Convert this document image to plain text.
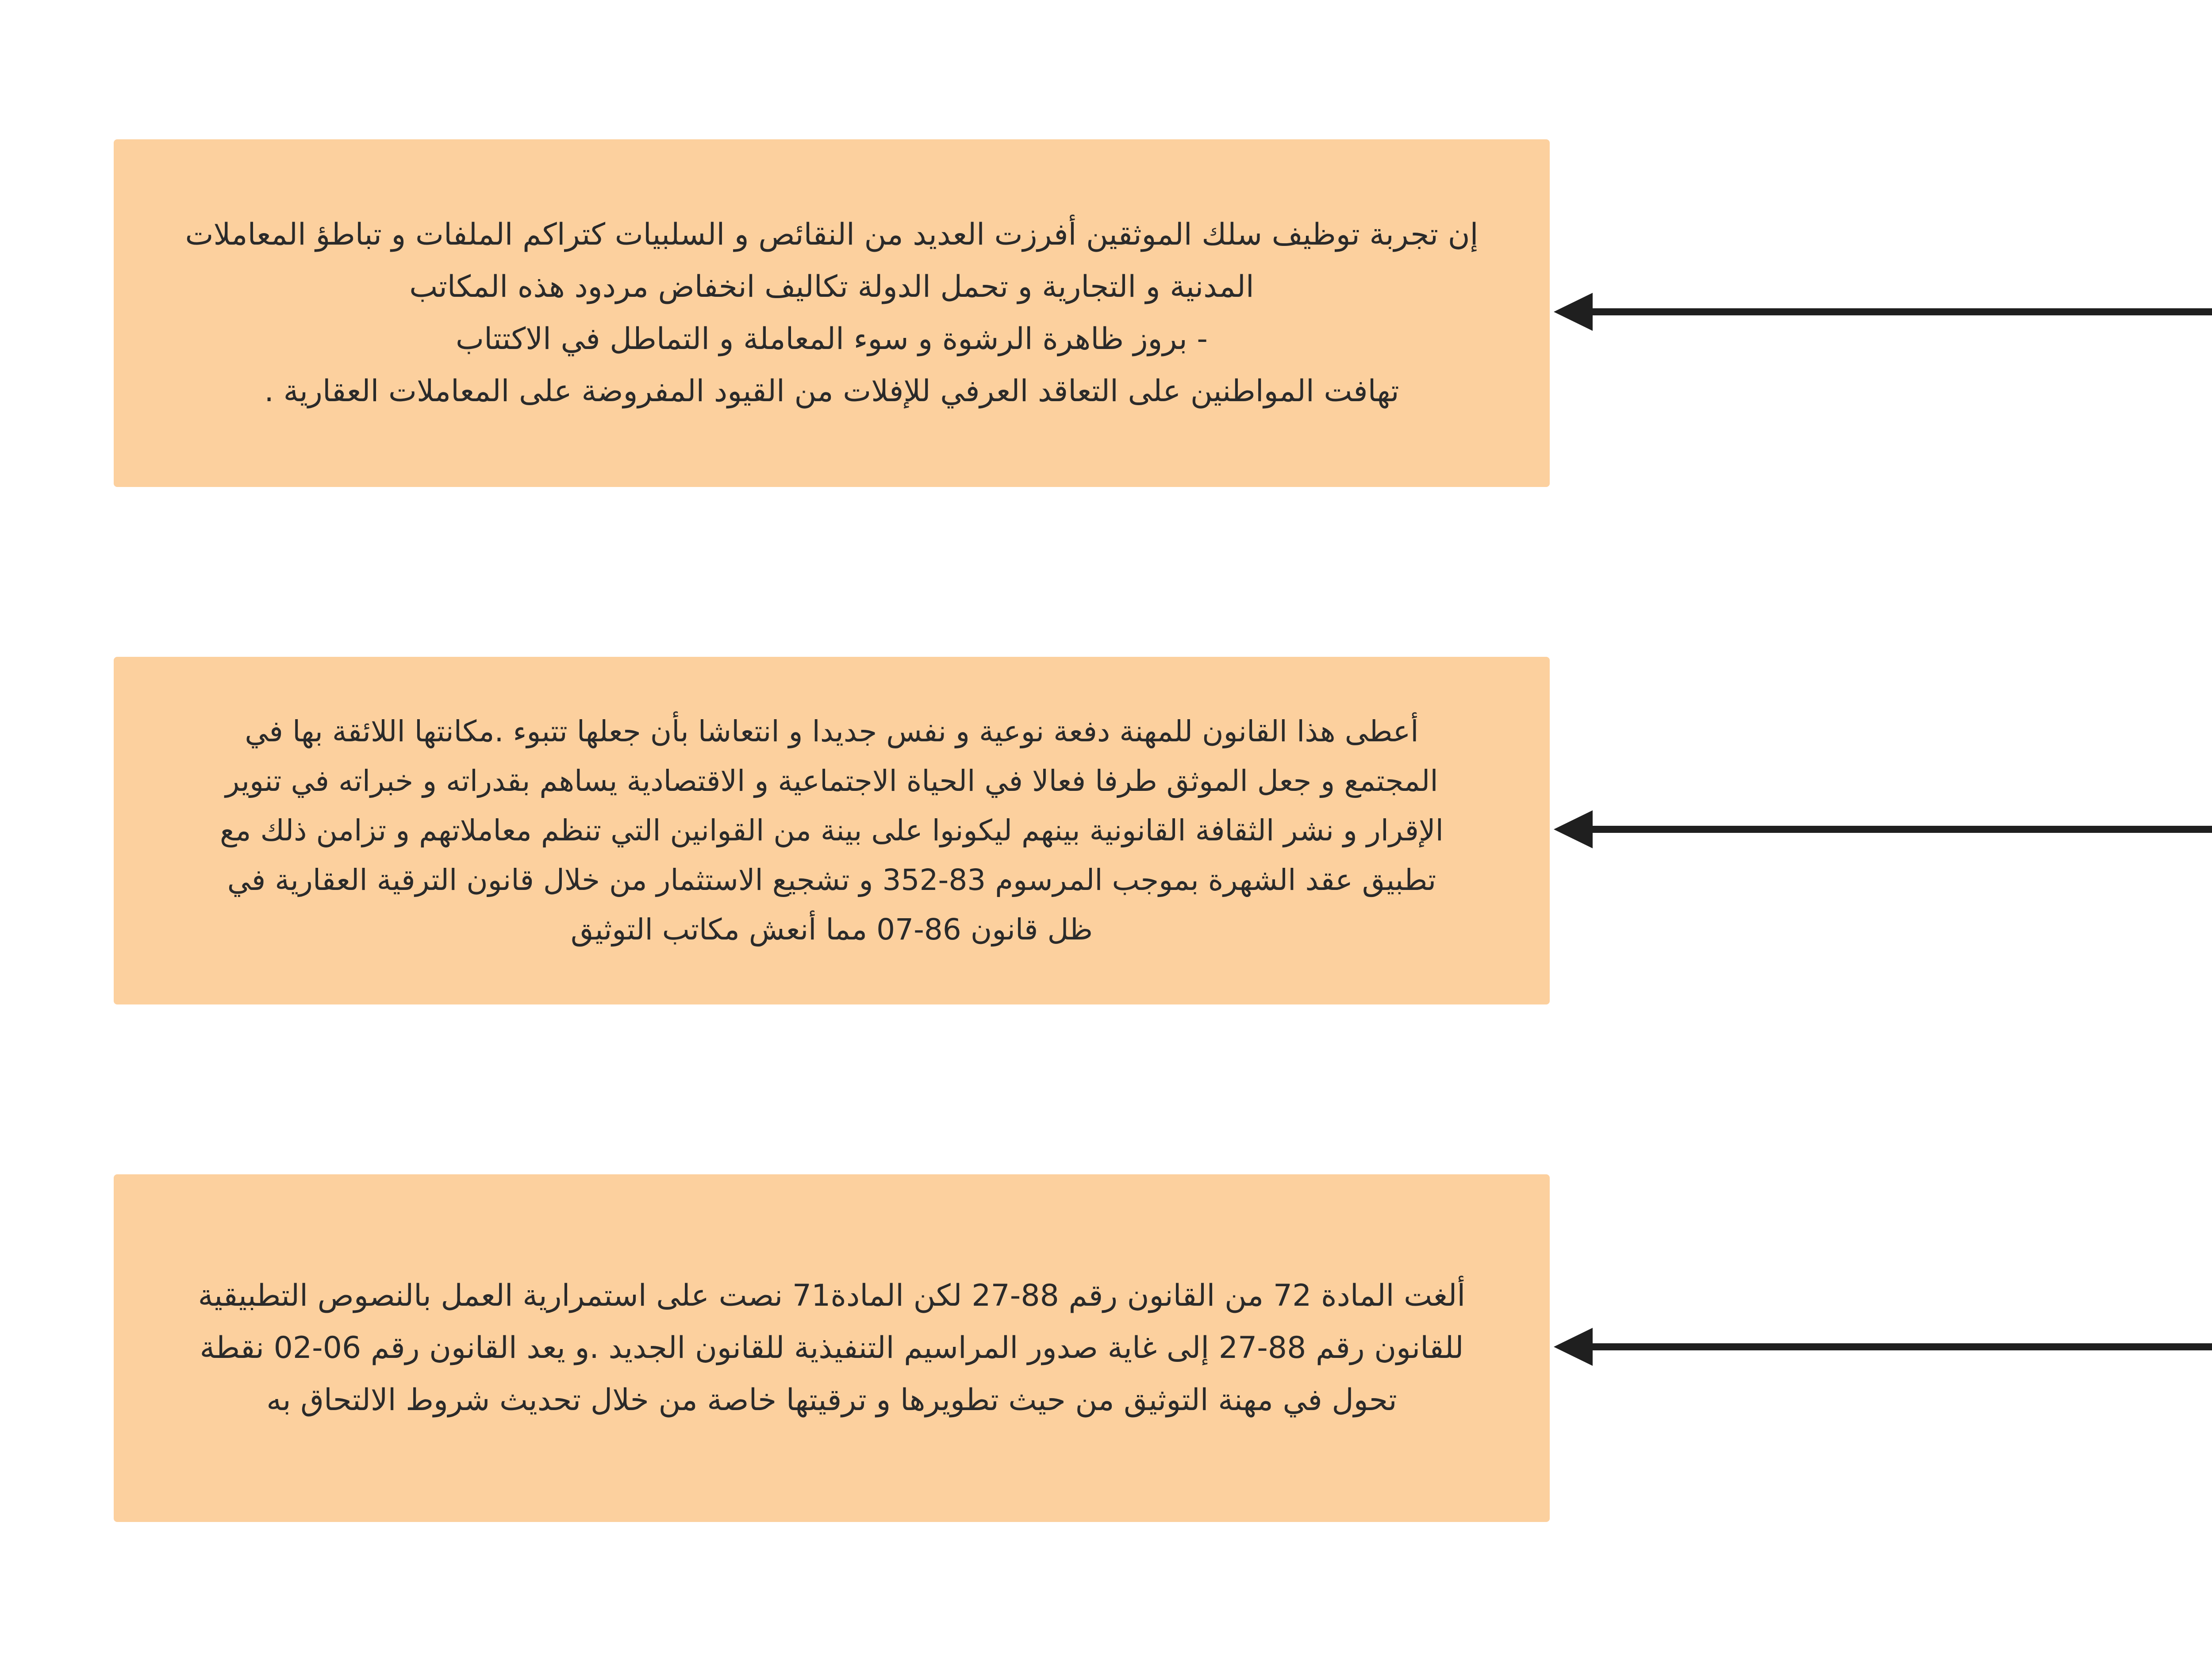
إن تجربة توظيف سلك الموثقين أفرزت العديد من النقائص و السلبيات كتراكم الملفات و تباطؤ المعاملات
المدنية و التجارية و تحمل الدولة تكاليف انخفاض مردود هذه المكاتب
- بروز ظاهرة الرشوة و سوء المعاملة و التماطل في الاكتتاب
تهافت المواطنين على التعاقد العرفي للإفلات من القيود المفروضة على المعاملات العقارية .
أعطى هذا القانون للمهنة دفعة نوعية و نفس جديدا و انتعاشا بأن جعلها تتبوء .مكانتها اللائقة بها في
المجتمع و جعل الموثق طرفا فعالا في الحياة الاجتماعية و الاقتصادية يساهم بقدراته و خبراته في تنوير
الإقرار و نشر الثقافة القانونية بينهم ليكونوا على بينة من القوانين التي تنظم معاملاتهم و تزامن ذلك مع
تطبيق عقد الشهرة بموجب المرسوم 83-352 و تشجيع الاستثمار من خلال قانون الترقية العقارية في
ظل قانون 86-07 مما أنعش مكاتب التوثيق
ألغت المادة 72 من القانون رقم 88-27 لكن المادة71 نصت على استمرارية العمل بالنصوص التطبيقية
للقانون رقم 88-27 إلى غاية صدور المراسيم التنفيذية للقانون الجديد .و يعد القانون رقم 06-02 نقطة
تحول في مهنة التوثيق من حيث تطويرها و ترقيتها خاصة من خلال تحديث شروط الالتحاق به
